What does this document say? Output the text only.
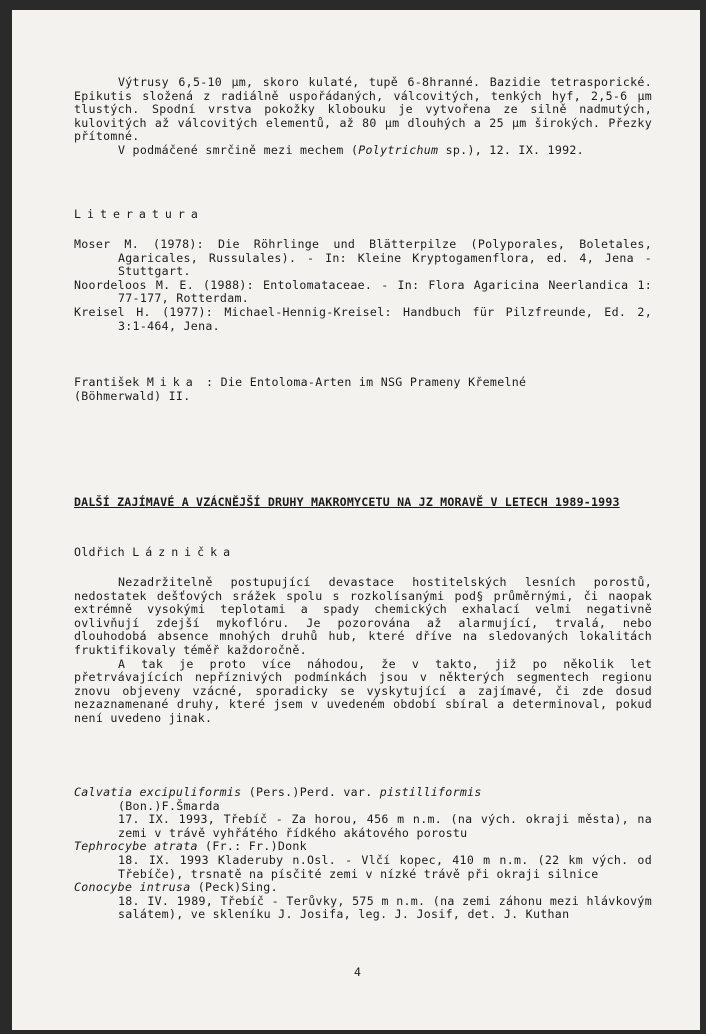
Výtrusy 6,5-10 µm, skoro kulaté, tupě 6-8hranné. Bazidie tetrasporické. Epikutis složená z radiálně uspořádaných, válcovitých, tenkých hyf, 2,5-6 µm tlustých. Spodní vrstva pokožky klobouku je vytvořena ze silně nadmutých, kulovitých až válcovitých elementů, až 80 µm dlouhých a 25 µm širokých. Přezky přítomné.

V podmáčené smrčině mezi mechem (Polytrichum sp.), 12. IX. 1992.

Literatura

Moser M. (1978): Die Röhrlinge und Blätterpilze (Polyporales, Boletales, Agaricales, Russulales). - In: Kleine Kryptogamenflora, ed. 4, Jena - Stuttgart.

Noordeloos M. E. (1988): Entolomataceae. - In: Flora Agaricina Neerlandica 1: 77-177, Rotterdam.

Kreisel H. (1977): Michael-Hennig-Kreisel: Handbuch für Pilzfreunde, Ed. 2, 3:1-464, Jena.

František Mika : Die Entoloma-Arten im NSG Prameny Křemelné

(Böhmerwald) II.

DALŠÍ ZAJÍMAVÉ A VZÁCNĚJŠÍ DRUHY MAKROMYCETU NA JZ MORAVĚ V LETECH 1989-1993

Oldřich Láznička

Nezadržitelně postupující devastace hostitelských lesních porostů, nedostatek dešťových srážek spolu s rozkolísanými pod§ průměrnými, či naopak extrémně vysokými teplotami a spady chemických exhalací velmi negativně ovlivňují zdejší mykoflóru. Je pozorována až alarmující, trvalá, nebo dlouhodobá absence mnohých druhů hub, které dříve na sledovaných lokalitách fruktifikovaly téměř každoročně.

A tak je proto více náhodou, že v takto, již po několik let přetrvávajících nepříznivých podmínkách jsou v některých segmentech regionu znovu objeveny vzácné, sporadicky se vyskytující a zajímavé, či zde dosud nezaznamenané druhy, které jsem v uvedeném období sbíral a determinoval, pokud není uvedeno jinak.

Calvatia excipuliformis (Pers.)Perd. var. pistilliformis

(Bon.)F.Šmarda

17. IX. 1993, Třebíč - Za horou, 456 m n.m. (na vých. okraji města), na zemi v trávě vyhřátého řídkého akátového porostu

Tephrocybe atrata (Fr.: Fr.)Donk

18. IX. 1993 Kladeruby n.Osl. - Vlčí kopec, 410 m n.m. (22 km vých. od Třebíče), trsnatě na písčité zemi v nízké trávě při okraji silnice

Conocybe intrusa (Peck)Sing.

18. IV. 1989, Třebíč - Terůvky, 575 m n.m. (na zemi záhonu mezi hlávkovým salátem), ve skleníku J. Josifa, leg. J. Josif, det. J. Kuthan

4
